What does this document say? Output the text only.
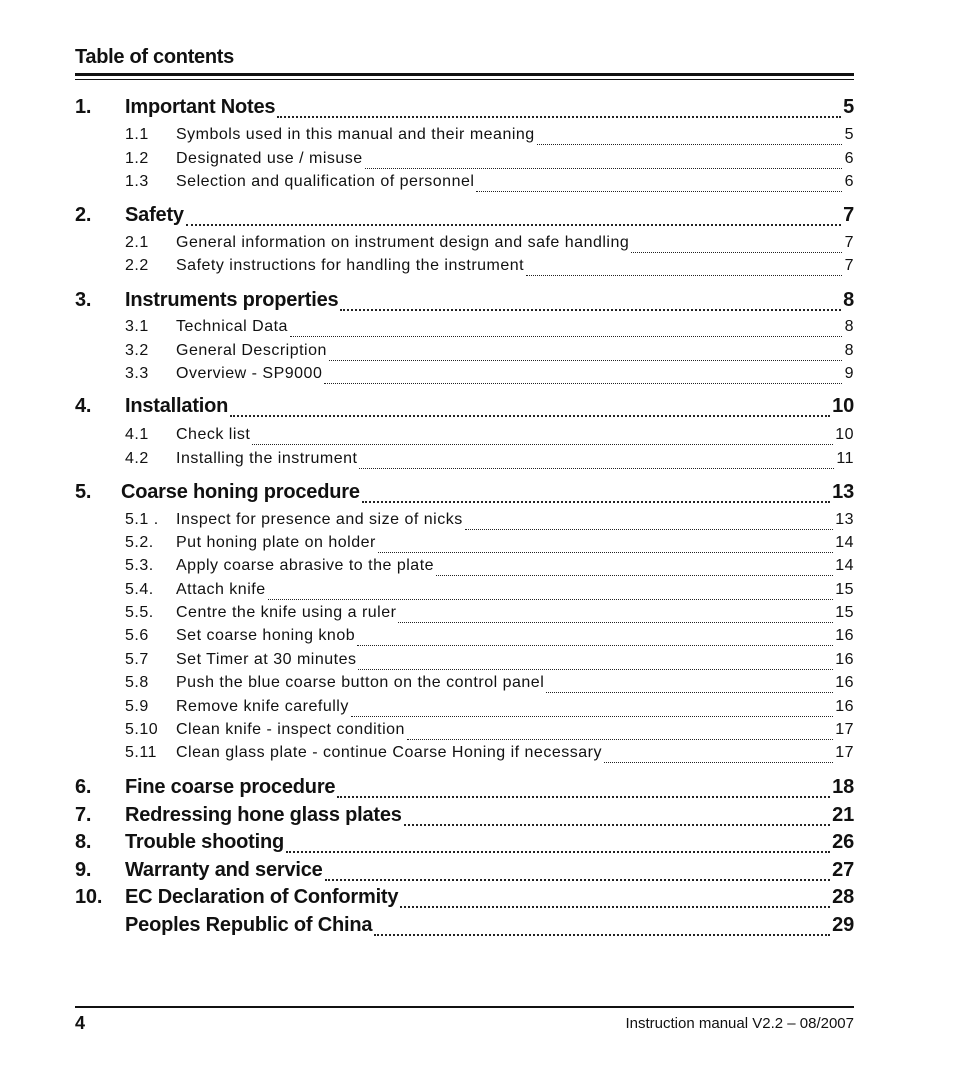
Table of contents
1.	Important Notes	5
1.1	Symbols used in this manual and their meaning	5
1.2	Designated use / misuse	6
1.3	Selection and qualification of personnel	6
2.	Safety	7
2.1	General information on instrument design and safe handling	7
2.2	Safety instructions for handling the instrument	7
3.	Instruments properties	8
3.1	Technical Data	8
3.2	General Description	8
3.3	Overview - SP9000	9
4.	Installation	10
4.1	Check list	10
4.2	Installing the instrument	11
5.	Coarse honing procedure	13
5.1 .	Inspect for presence and size of nicks	13
5.2.	Put honing plate on holder	14
5.3.	Apply coarse abrasive to the plate	14
5.4.	Attach knife	15
5.5.	Centre the knife using a ruler	15
5.6	Set coarse honing knob	16
5.7	Set Timer at 30 minutes	16
5.8	Push the blue coarse button on the control panel	16
5.9	Remove knife carefully	16
5.10	Clean knife - inspect condition	17
5.11	Clean glass plate - continue Coarse Honing if necessary	17
6.	Fine coarse procedure	18
7.	Redressing hone glass plates	21
8.	Trouble shooting	26
9.	Warranty and service	27
10.	EC Declaration of Conformity	28
Peoples Republic of China	29
4	Instruction manual V2.2 – 08/2007
